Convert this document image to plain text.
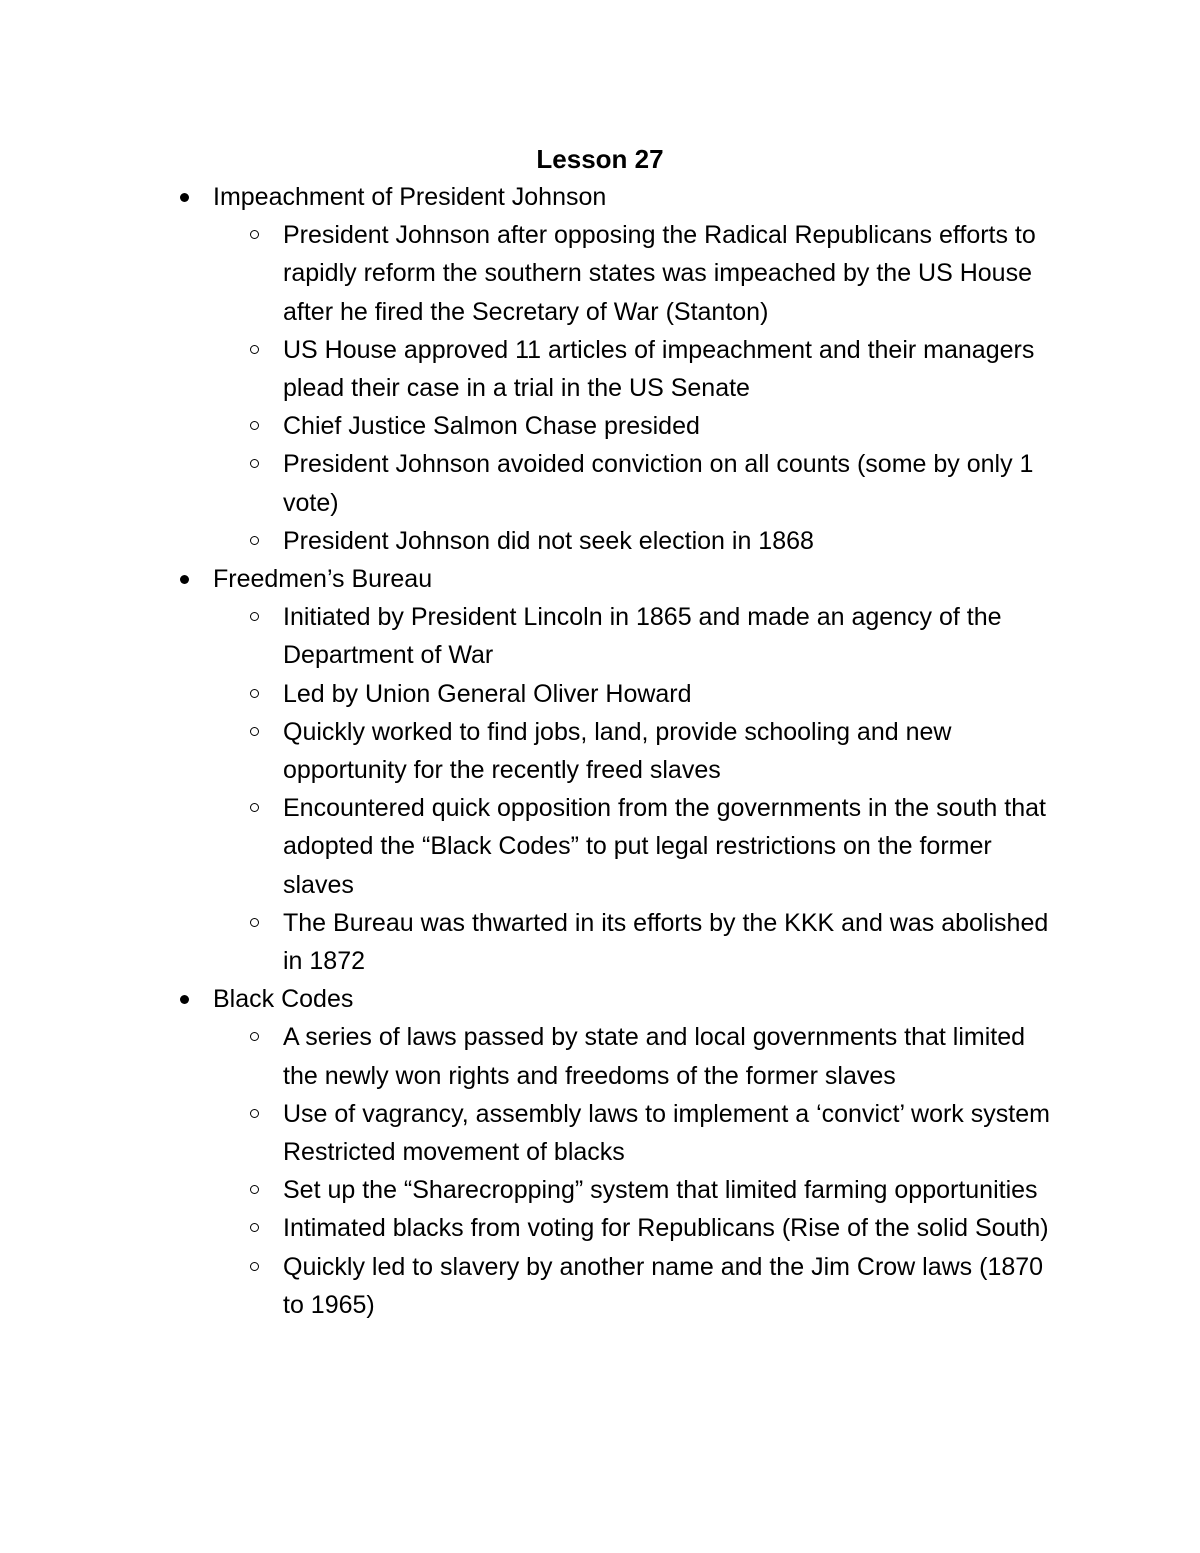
Lesson 27
Impeachment of President Johnson
President Johnson after opposing the Radical Republicans efforts to rapidly reform the southern states was impeached by the US House after he fired the Secretary of War (Stanton)
US House approved 11 articles of impeachment and their managers plead their case in a trial in the US Senate
Chief Justice Salmon Chase presided
President Johnson avoided conviction on all counts (some by only 1 vote)
President Johnson did not seek election in 1868
Freedmen’s Bureau
Initiated by President Lincoln in 1865 and made an agency of the Department of War
Led by Union General Oliver Howard
Quickly worked to find jobs, land, provide schooling and new opportunity for the recently freed slaves
Encountered quick opposition from the governments in the south that adopted the “Black Codes” to put legal restrictions on the former slaves
The Bureau was thwarted in its efforts by the KKK and was abolished in 1872
Black Codes
A series of laws passed by state and local governments that limited the newly won rights and freedoms of the former slaves
Use of vagrancy, assembly laws to implement a ‘convict’ work system Restricted movement of blacks
Set up the “Sharecropping” system that limited farming opportunities
Intimated blacks from voting for Republicans (Rise of the solid South)
Quickly led to slavery by another name and the Jim Crow laws (1870 to 1965)
